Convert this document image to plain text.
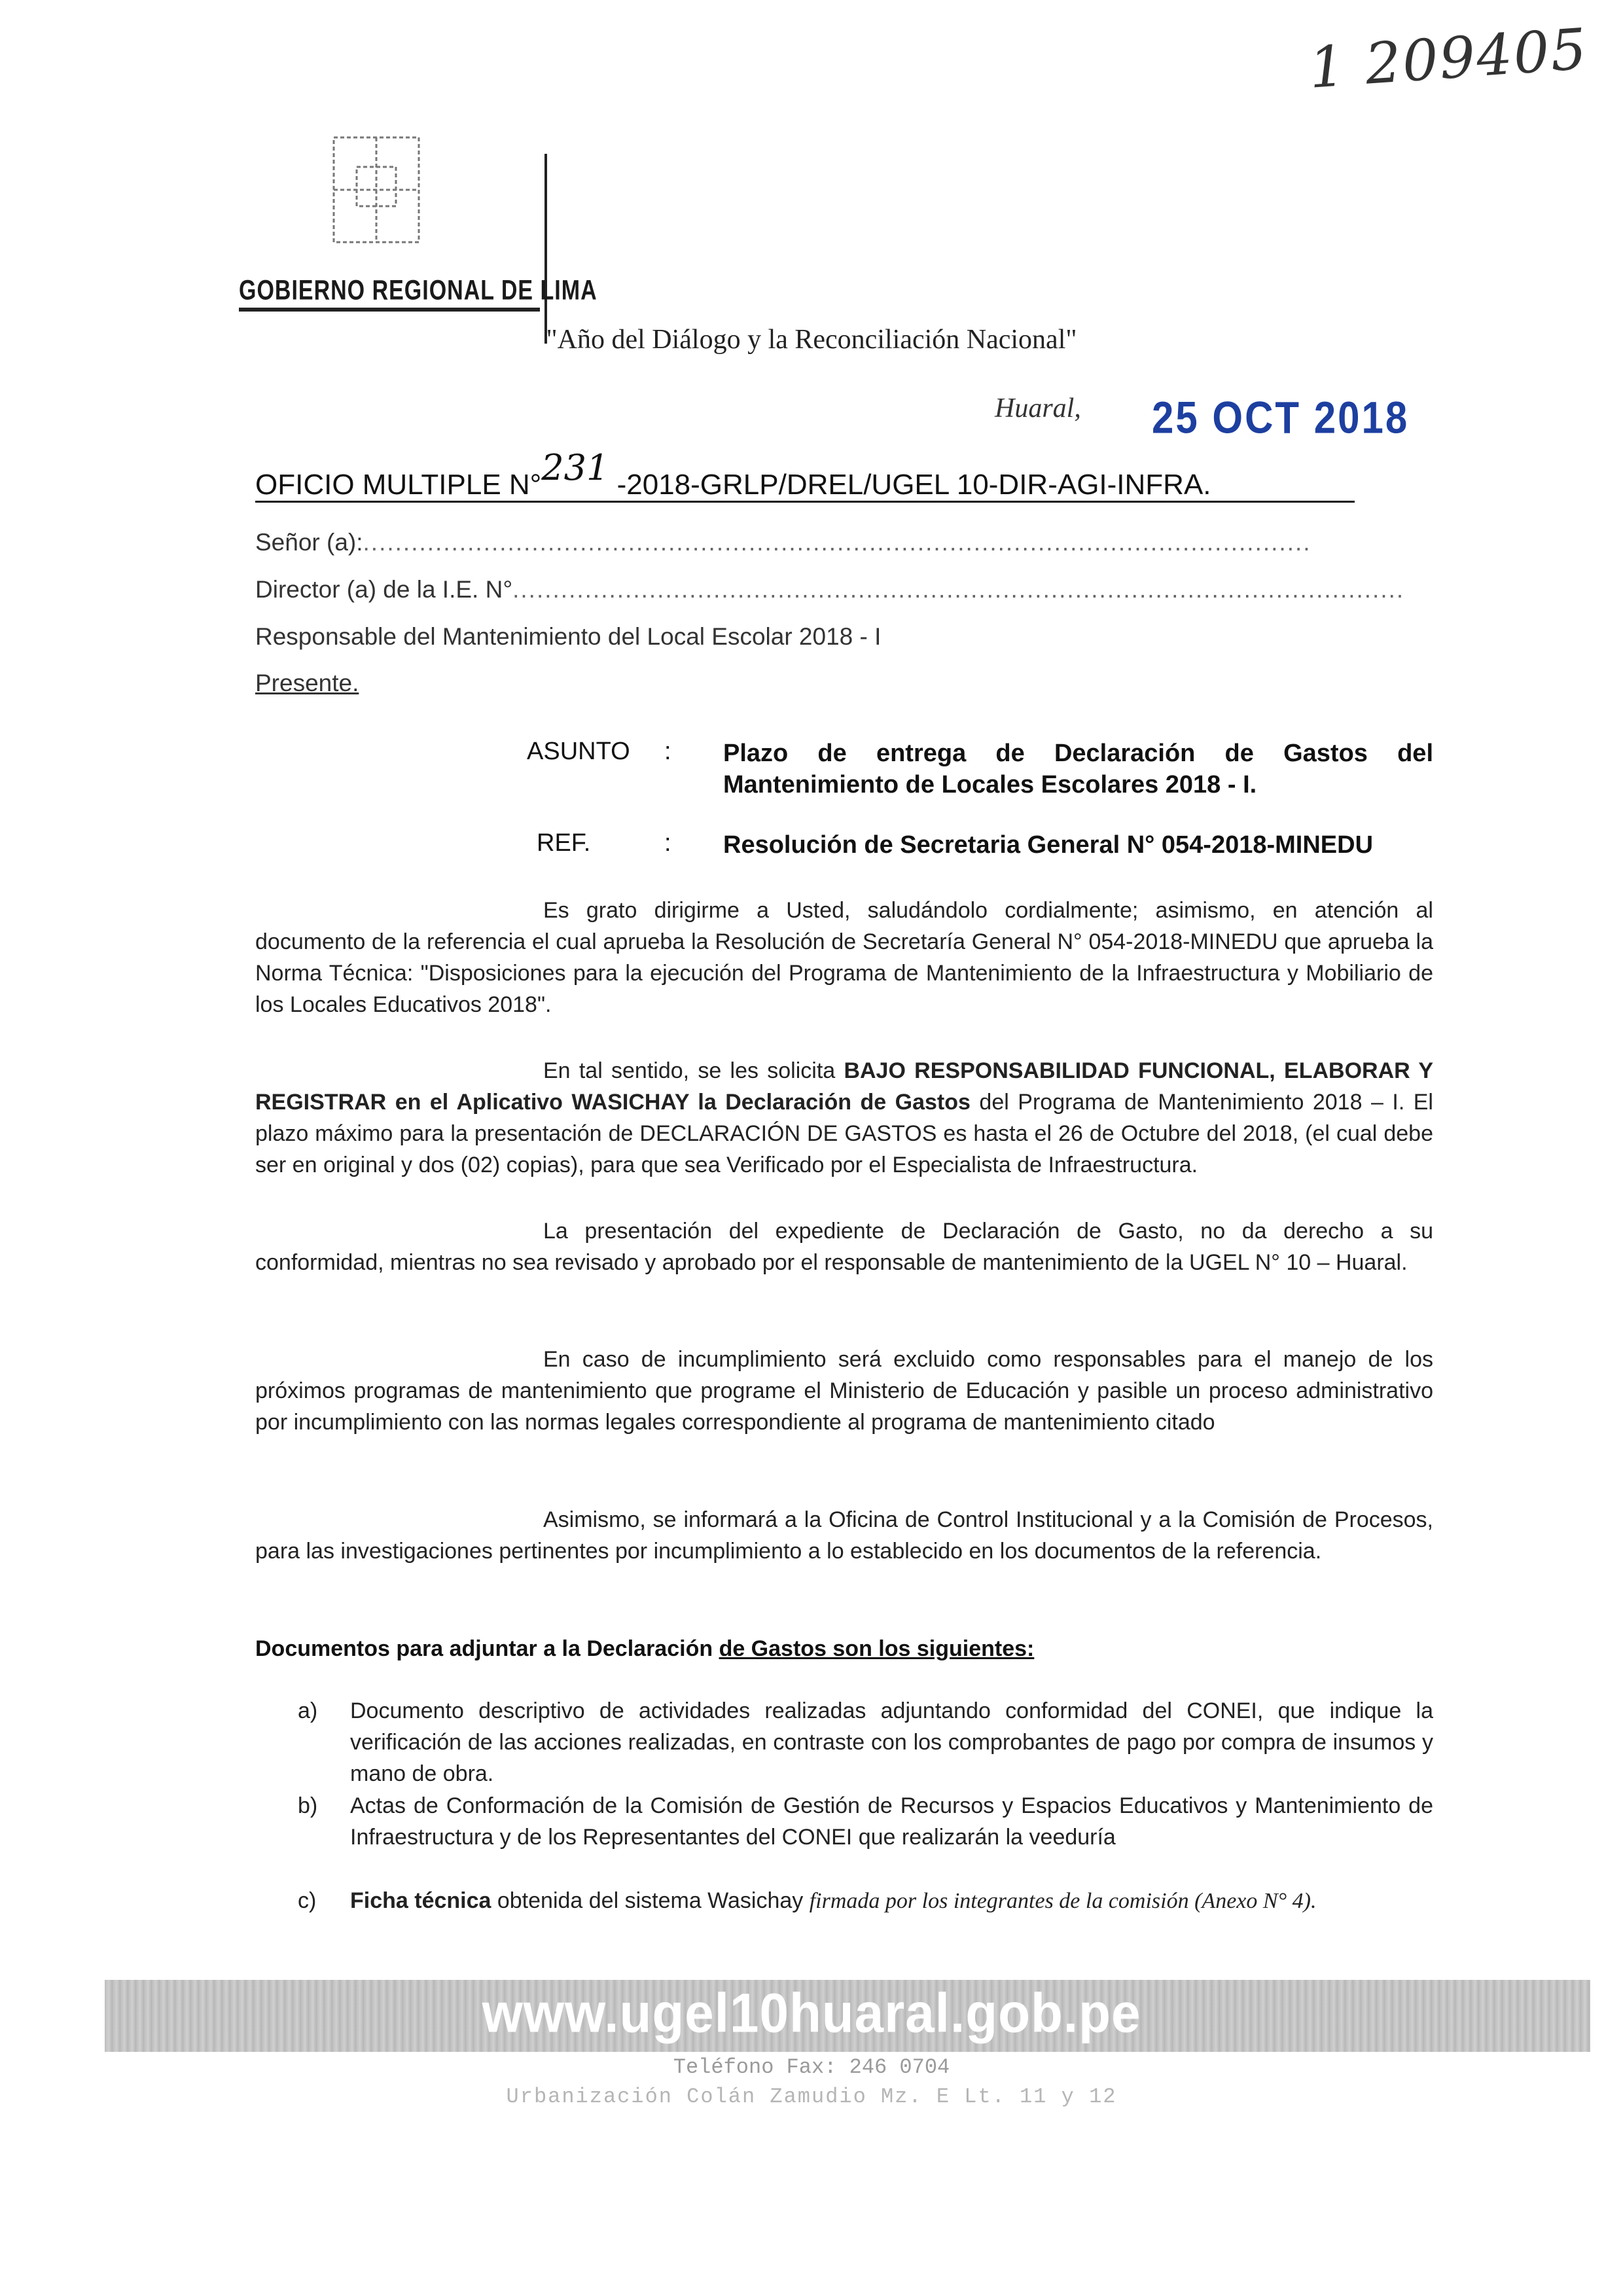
1 209405
GOBIERNO REGIONAL DE LIMA
"Año del Diálogo y la Reconciliación Nacional"
Huaral, 25 OCT 2018
OFICIO MULTIPLE N°231 -2018-GRLP/DREL/UGEL 10-DIR-AGI-INFRA.
Señor (a):......................................................................................................................
Director (a) de la I.E. N°...............................................................................................................
Responsable del Mantenimiento del Local Escolar 2018 - I
Presente.
ASUNTO : Plazo de entrega de Declaración de Gastos del Mantenimiento de Locales Escolares 2018 - I.
REF.	: Resolución de Secretaria General N° 054-2018-MINEDU
Es grato dirigirme a Usted, saludándolo cordialmente; asimismo, en atención al documento de la referencia el cual aprueba la Resolución de Secretaría General N° 054-2018-MINEDU que aprueba la Norma Técnica: "Disposiciones para la ejecución del Programa de Mantenimiento de la Infraestructura y Mobiliario de los Locales Educativos 2018".
En tal sentido, se les solicita BAJO RESPONSABILIDAD FUNCIONAL, ELABORAR Y REGISTRAR en el Aplicativo WASICHAY la Declaración de Gastos del Programa de Mantenimiento 2018 – I. El plazo máximo para la presentación de DECLARACIÓN DE GASTOS es hasta el 26 de Octubre del 2018, (el cual debe ser en original y dos (02) copias), para que sea Verificado por el Especialista de Infraestructura.
La presentación del expediente de Declaración de Gasto, no da derecho a su conformidad, mientras no sea revisado y aprobado por el responsable de mantenimiento de la UGEL N° 10 – Huaral.
En caso de incumplimiento será excluido como responsables para el manejo de los próximos programas de mantenimiento que programe el Ministerio de Educación y pasible un proceso administrativo por incumplimiento con las normas legales correspondiente al programa de mantenimiento citado
Asimismo, se informará a la Oficina de Control Institucional y a la Comisión de Procesos, para las investigaciones pertinentes por incumplimiento a lo establecido en los documentos de la referencia.
Documentos para adjuntar a la Declaración de Gastos son los siguientes:
a) Documento descriptivo de actividades realizadas adjuntando conformidad del CONEI, que indique la verificación de las acciones realizadas, en contraste con los comprobantes de pago por compra de insumos y mano de obra.
b) Actas de Conformación de la Comisión de Gestión de Recursos y Espacios Educativos y Mantenimiento de Infraestructura y de los Representantes del CONEI que realizarán la veeduría
c) Ficha técnica obtenida del sistema Wasichay firmada por los integrantes de la comisión (Anexo N° 4).
www.ugel10huaral.gob.pe
Teléfono Fax: 246 0704
Urbanización Colán Zamudio Mz. E Lt. 11 y 12
